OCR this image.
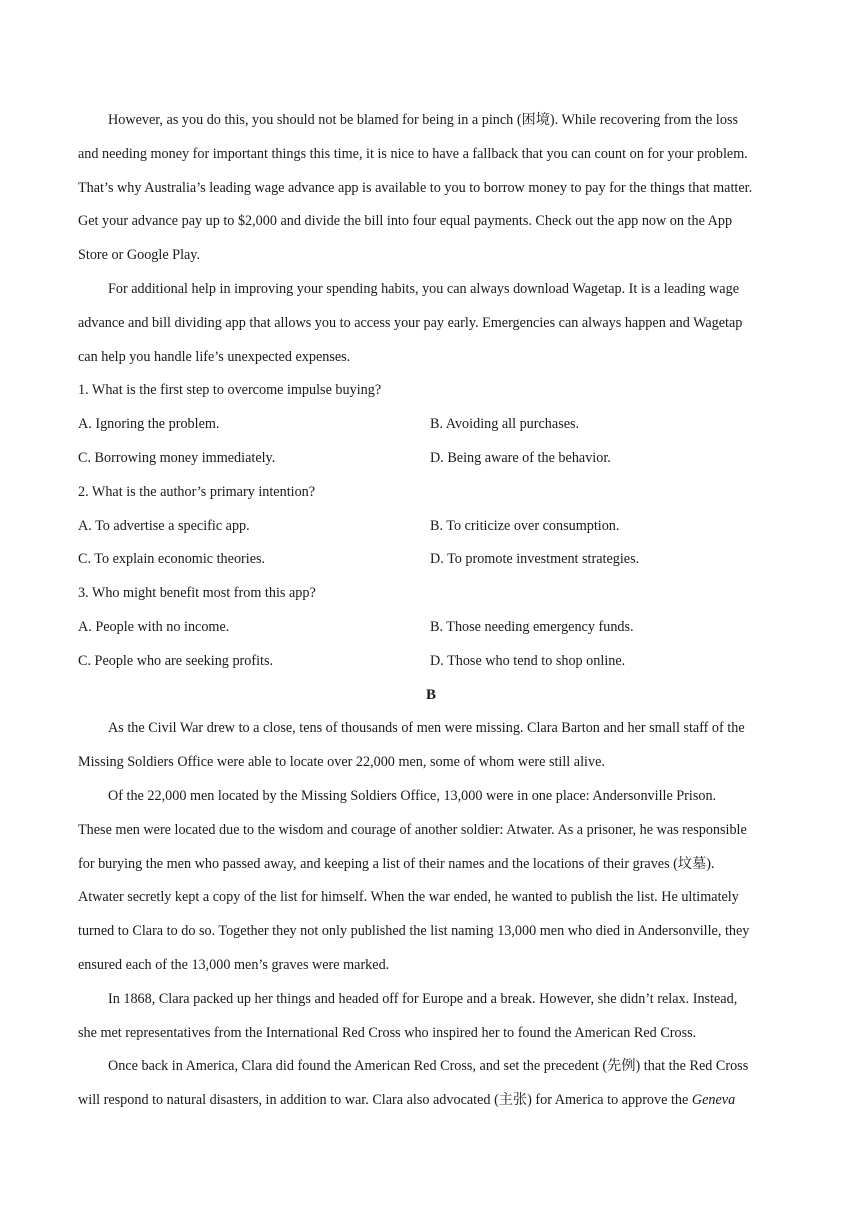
However, as you do this, you should not be blamed for being in a pinch (困境). While recovering from the loss
and needing money for important things this time, it is nice to have a fallback that you can count on for your problem.
That’s why Australia’s leading wage advance app is available to you to borrow money to pay for the things that matter.
Get your advance pay up to $2,000 and divide the bill into four equal payments. Check out the app now on the App
Store or Google Play.
For additional help in improving your spending habits, you can always download Wagetap. It is a leading wage
advance and bill dividing app that allows you to access your pay early. Emergencies can always happen and Wagetap
can help you handle life’s unexpected expenses.
1. What is the first step to overcome impulse buying?
A. Ignoring the problem.	B. Avoiding all purchases.
C. Borrowing money immediately.	D. Being aware of the behavior.
2. What is the author’s primary intention?
A. To advertise a specific app.	B. To criticize over consumption.
C. To explain economic theories.	D. To promote investment strategies.
3. Who might benefit most from this app?
A. People with no income.	B. Those needing emergency funds.
C. People who are seeking profits.	D. Those who tend to shop online.
B
As the Civil War drew to a close, tens of thousands of men were missing. Clara Barton and her small staff of the
Missing Soldiers Office were able to locate over 22,000 men, some of whom were still alive.
Of the 22,000 men located by the Missing Soldiers Office, 13,000 were in one place: Andersonville Prison.
These men were located due to the wisdom and courage of another soldier: Atwater. As a prisoner, he was responsible
for burying the men who passed away, and keeping a list of their names and the locations of their graves (坟墓).
Atwater secretly kept a copy of the list for himself. When the war ended, he wanted to publish the list. He ultimately
turned to Clara to do so. Together they not only published the list naming 13,000 men who died in Andersonville, they
ensured each of the 13,000 men’s graves were marked.
In 1868, Clara packed up her things and headed off for Europe and a break. However, she didn’t relax. Instead,
she met representatives from the International Red Cross who inspired her to found the American Red Cross.
Once back in America, Clara did found the American Red Cross, and set the precedent (先例) that the Red Cross
will respond to natural disasters, in addition to war. Clara also advocated (主张) for America to approve the Geneva
